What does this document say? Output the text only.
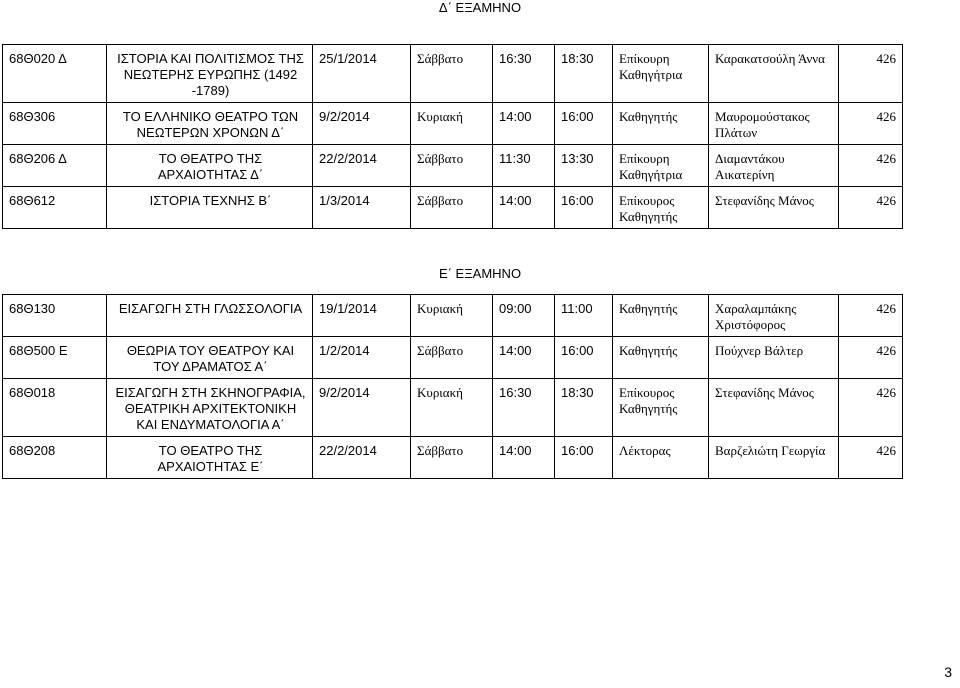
Δ΄ ΕΞΑΜΗΝΟ
68Θ020 Δ	ΙΣΤΟΡΙΑ ΚΑΙ ΠΟΛΙΤΙΣΜΟΣ ΤΗΣ ΝΕΩΤΕΡΗΣ ΕΥΡΩΠΗΣ (1492 -1789)	25/1/2014	Σάββατο	16:30	18:30	Επίκουρη Καθηγήτρια	Καρακατσούλη Άννα	426
68Θ306	ΤΟ ΕΛΛΗΝΙΚΟ ΘΕΑΤΡΟ ΤΩΝ ΝΕΩΤΕΡΩΝ ΧΡΟΝΩΝ Δ΄	9/2/2014	Κυριακή	14:00	16:00	Καθηγητής	Μαυρομούστακος Πλάτων	426
68Θ206 Δ	ΤΟ ΘΕΑΤΡΟ ΤΗΣ ΑΡΧΑΙΟΤΗΤΑΣ Δ΄	22/2/2014	Σάββατο	11:30	13:30	Επίκουρη Καθηγήτρια	Διαμαντάκου Αικατερίνη	426
68Θ612	ΙΣΤΟΡΙΑ ΤΕΧΝΗΣ Β΄	1/3/2014	Σάββατο	14:00	16:00	Επίκουρος Καθηγητής	Στεφανίδης Μάνος	426
Ε΄ ΕΞΑΜΗΝΟ
68Θ130	ΕΙΣΑΓΩΓΗ ΣΤΗ ΓΛΩΣΣΟΛΟΓΙΑ	19/1/2014	Κυριακή	09:00	11:00	Καθηγητής	Χαραλαμπάκης Χριστόφορος	426
68Θ500 Ε	ΘΕΩΡΙΑ ΤΟΥ ΘΕΑΤΡΟΥ ΚΑΙ ΤΟΥ ΔΡΑΜΑΤΟΣ Α΄	1/2/2014	Σάββατο	14:00	16:00	Καθηγητής	Πούχνερ Βάλτερ	426
68Θ018	ΕΙΣΑΓΩΓΗ ΣΤΗ ΣΚΗΝΟΓΡΑΦΙΑ, ΘΕΑΤΡΙΚΗ ΑΡΧΙΤΕΚΤΟΝΙΚΗ ΚΑΙ ΕΝΔΥΜΑΤΟΛΟΓΙΑ Α΄	9/2/2014	Κυριακή	16:30	18:30	Επίκουρος Καθηγητής	Στεφανίδης Μάνος	426
68Θ208	ΤΟ ΘΕΑΤΡΟ ΤΗΣ ΑΡΧΑΙΟΤΗΤΑΣ Ε΄	22/2/2014	Σάββατο	14:00	16:00	Λέκτορας	Βαρζελιώτη Γεωργία	426
3
